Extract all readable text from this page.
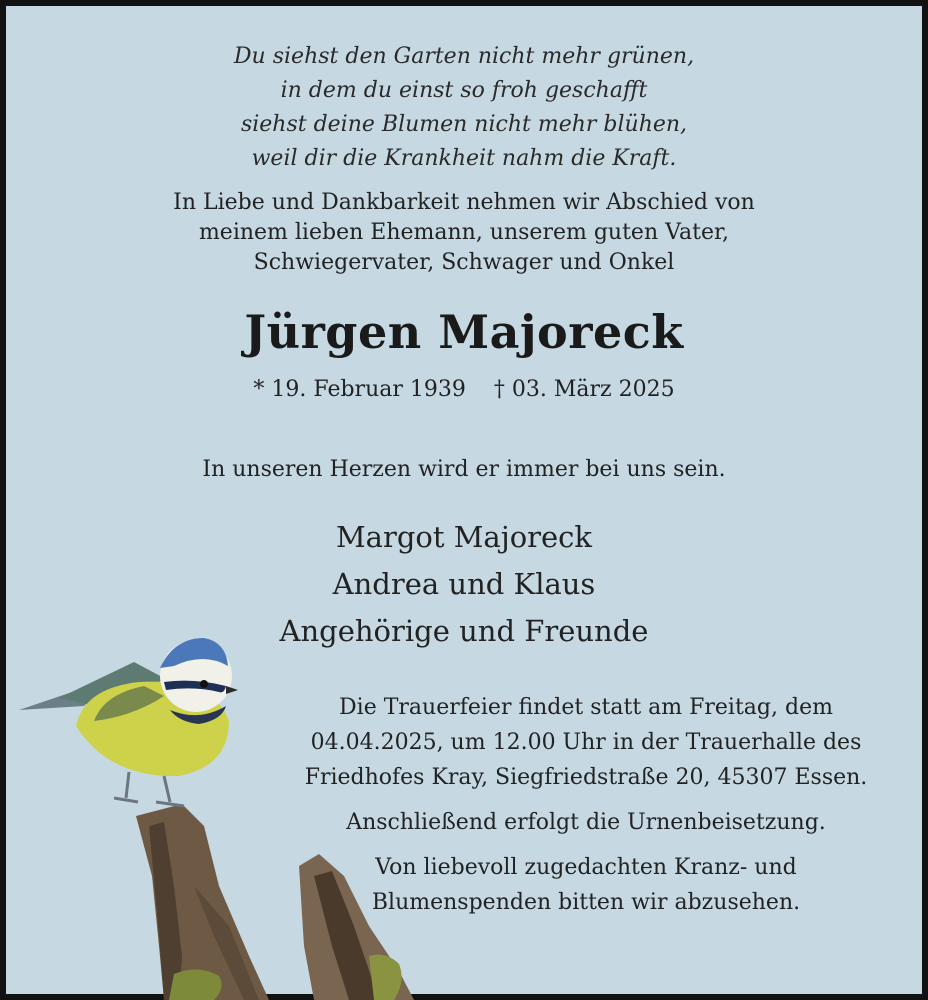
Du siehst den Garten nicht mehr grünen,
in dem du einst so froh geschafft
siehst deine Blumen nicht mehr blühen,
weil dir die Krankheit nahm die Kraft.
In Liebe und Dankbarkeit nehmen wir Abschied von
meinem lieben Ehemann, unserem guten Vater,
Schwiegervater, Schwager und Onkel
Jürgen Majoreck
* 19. Februar 1939 † 03. März 2025
In unseren Herzen wird er immer bei uns sein.
Margot Majoreck
Andrea und Klaus
Angehörige und Freunde
Die Trauerfeier findet statt am Freitag, dem
04.04.2025, um 12.00 Uhr in der Trauerhalle des
Friedhofes Kray, Siegfriedstraße 20, 45307 Essen.
Anschließend erfolgt die Urnenbeisetzung.
Von liebevoll zugedachten Kranz- und
Blumenspenden bitten wir abzusehen.
